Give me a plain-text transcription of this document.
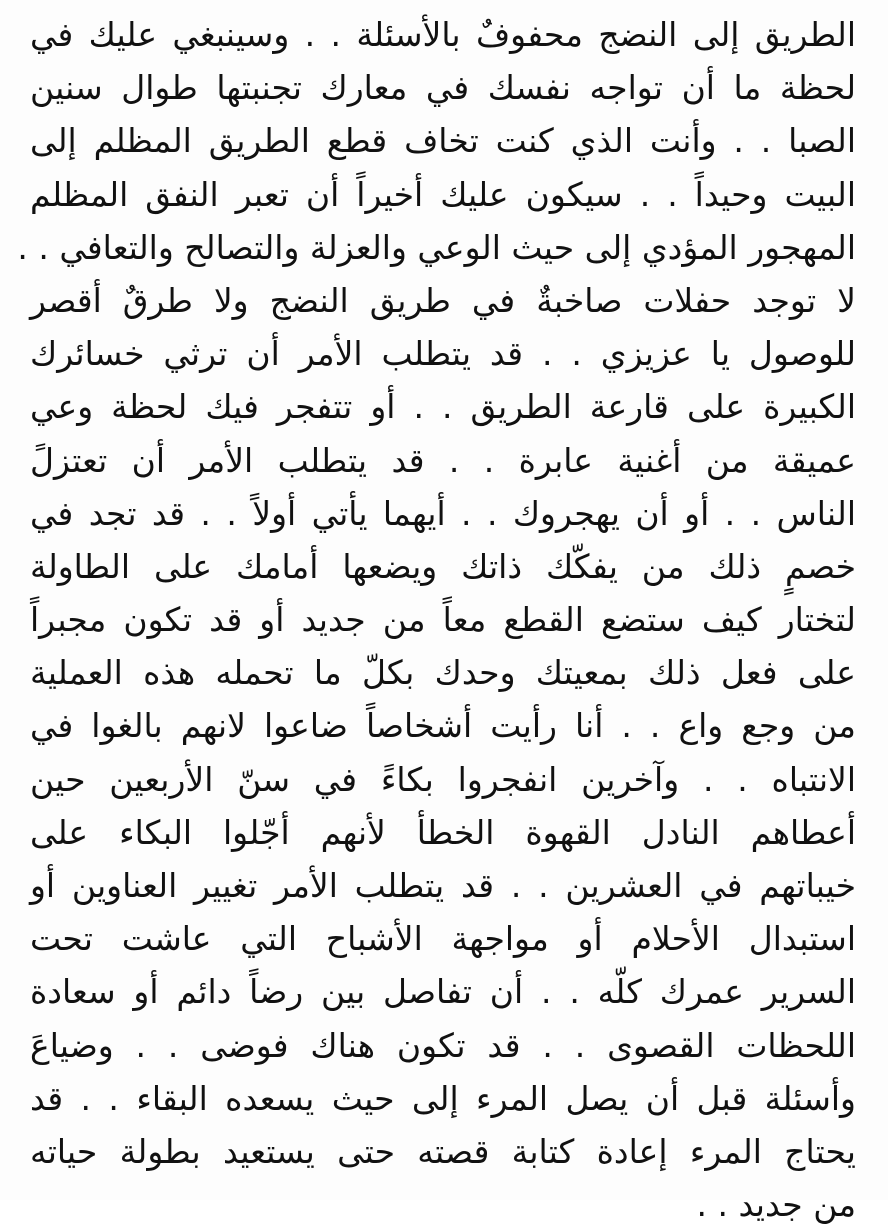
الطريق إلى النضج محفوفٌ بالأسئلة . . وسينبغي عليك في
لحظة ما أن تواجه نفسك في معارك تجنبتها طوال سنين
الصبا . . وأنت الذي كنت تخاف قطع الطريق المظلم إلى
البيت وحيداً . . سيكون عليك أخيراً أن تعبر النفق المظلم
المهجور المؤدي إلى حيث الوعي والعزلة والتصالح والتعافي . .
لا توجد حفلات صاخبةٌ في طريق النضج ولا طرقٌ أقصر
للوصول يا عزيزي . . قد يتطلب الأمر أن ترثي خسائرك
الكبيرة على قارعة الطريق . . أو تتفجر فيك لحظة وعي
عميقة من أغنية عابرة . . قد يتطلب الأمر أن تعتزلً
الناس . . أو أن يهجروك . . أيهما يأتي أولاً . . قد تجد في
خصمٍ ذلك من يفكّك ذاتك ويضعها أمامك على الطاولة
لتختار كيف ستضع القطع معاً من جديد أو قد تكون مجبراً
على فعل ذلك بمعيتك وحدك بكلّ ما تحمله هذه العملية
من وجع واع . . أنا رأيت أشخاصاً ضاعوا لانهم بالغوا في
الانتباه . . وآخرين انفجروا بكاءً في سنّ الأربعين حين
أعطاهم النادل القهوة الخطأ لأنهم أجّلوا البكاء على
خيباتهم في العشرين . . قد يتطلب الأمر تغيير العناوين أو
استبدال الأحلام أو مواجهة الأشباح التي عاشت تحت
السرير عمرك كلّه . . أن تفاصل بين رضاً دائم أو سعادة
اللحظات القصوى . . قد تكون هناك فوضى . . وضياعَ
وأسئلة قبل أن يصل المرء إلى حيث يسعده البقاء . . قد
يحتاج المرء إعادة كتابة قصته حتى يستعيد بطولة حياته
من جديد . .
